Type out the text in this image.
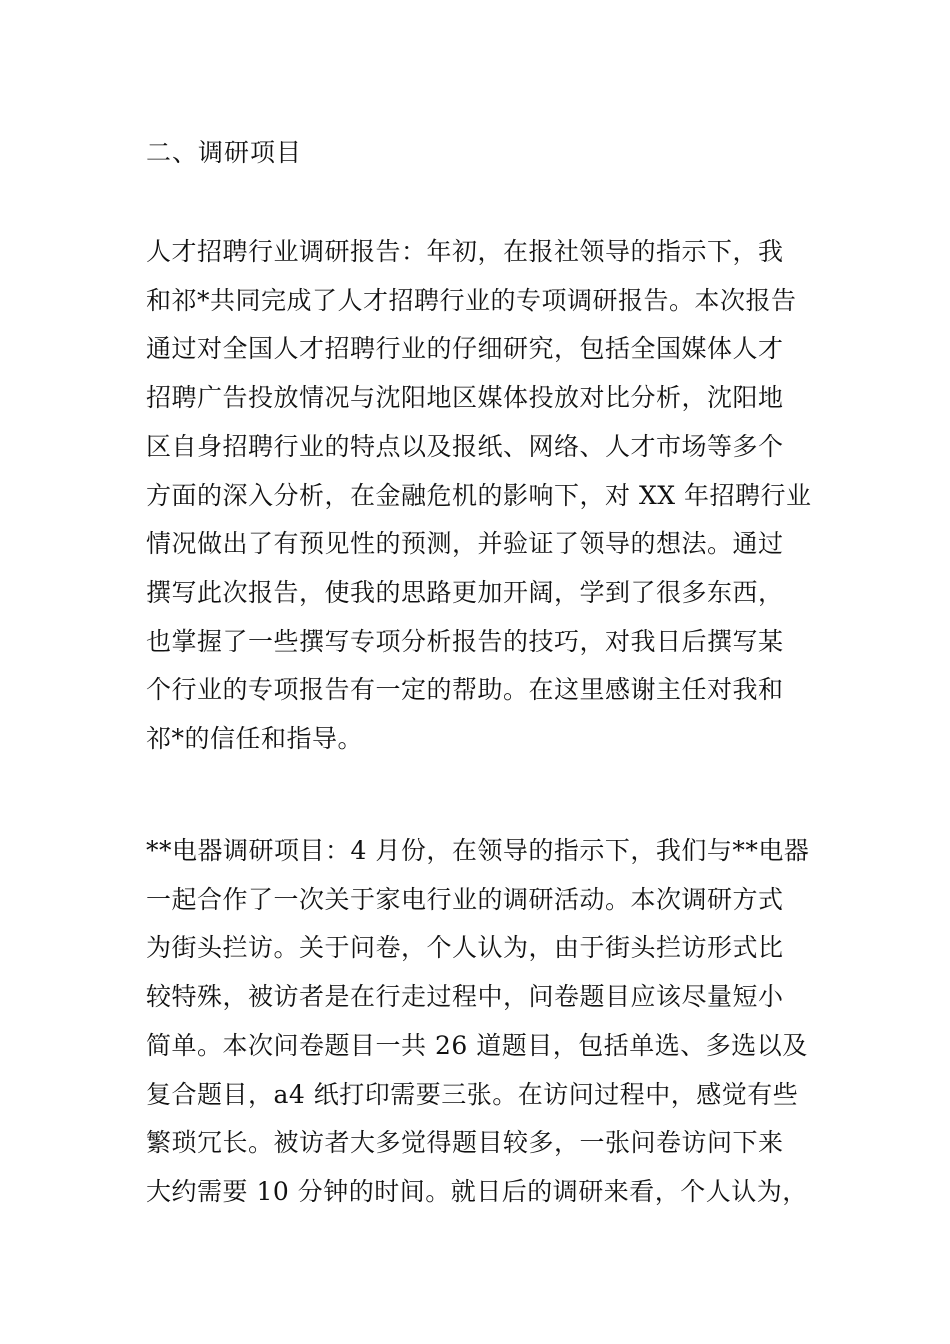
二、调研项目
人才招聘行业调研报告：年初，在报社领导的指示下，我
和祁*共同完成了人才招聘行业的专项调研报告。本次报告
通过对全国人才招聘行业的仔细研究，包括全国媒体人才
招聘广告投放情况与沈阳地区媒体投放对比分析，沈阳地
区自身招聘行业的特点以及报纸、网络、人才市场等多个
方面的深入分析，在金融危机的影响下，对 XX 年招聘行业
情况做出了有预见性的预测，并验证了领导的想法。通过
撰写此次报告，使我的思路更加开阔，学到了很多东西，
也掌握了一些撰写专项分析报告的技巧，对我日后撰写某
个行业的专项报告有一定的帮助。在这里感谢主任对我和
祁*的信任和指导。
**电器调研项目：4 月份，在领导的指示下，我们与**电器
一起合作了一次关于家电行业的调研活动。本次调研方式
为街头拦访。关于问卷，个人认为，由于街头拦访形式比
较特殊，被访者是在行走过程中，问卷题目应该尽量短小
简单。本次问卷题目一共 26 道题目，包括单选、多选以及
复合题目，a4 纸打印需要三张。在访问过程中，感觉有些
繁琐冗长。被访者大多觉得题目较多，一张问卷访问下来
大约需要 10 分钟的时间。就日后的调研来看，个人认为，
